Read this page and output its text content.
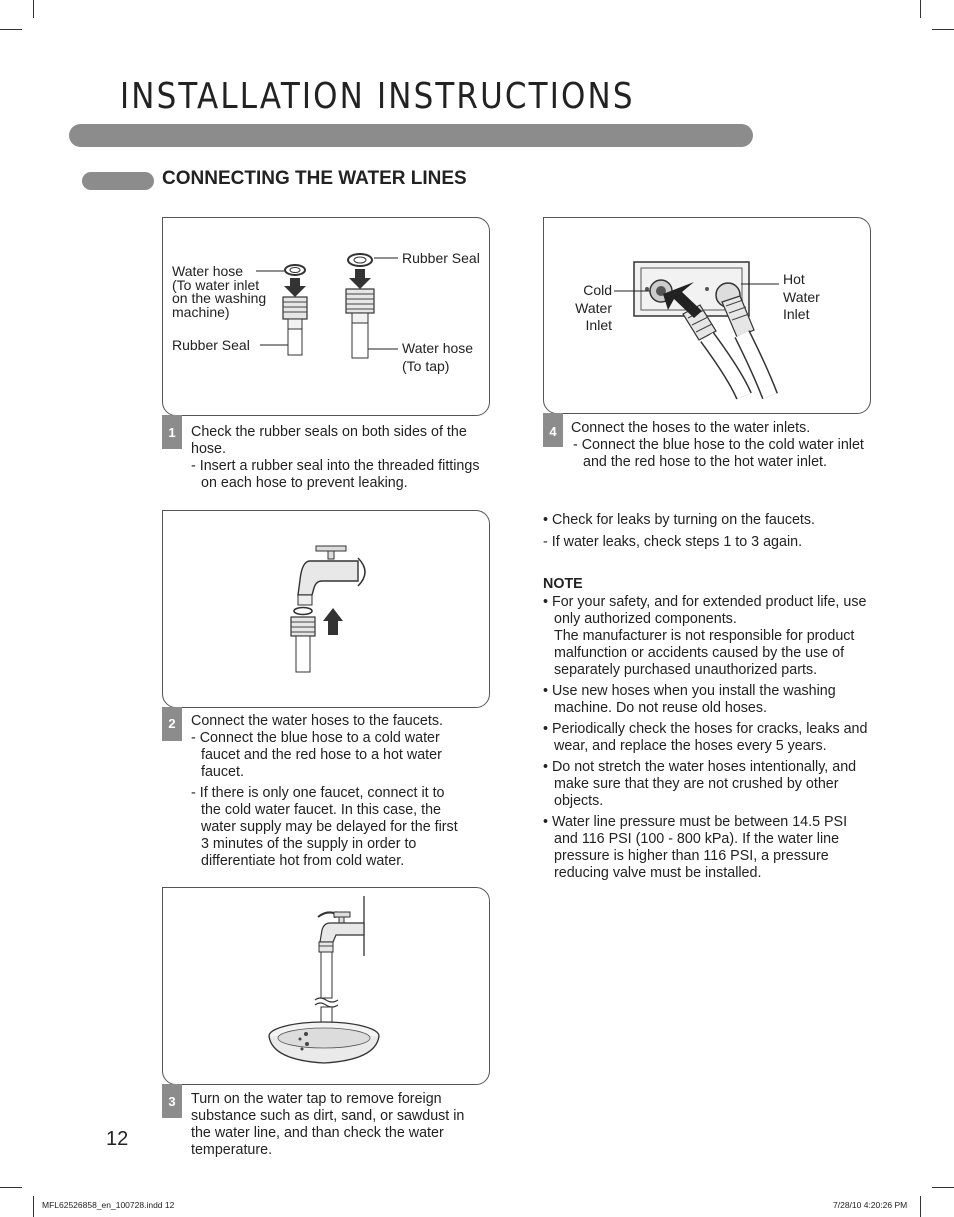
INSTALLATION INSTRUCTIONS
CONNECTING THE WATER LINES
1
Water hose
(To water inlet
on the washing
machine)
Rubber Seal
Rubber Seal
Water hose
(To tap)

Check the rubber seals on both sides of the hose.

- Insert a rubber seal into the threaded fittings on each hose to prevent leaking.

2	Connect the water hoses to the faucets.

- Connect the blue hose to a cold water faucet and the red hose to a hot water faucet.

- If there is only one faucet, connect it to the cold water faucet. In this case, the water supply may be delayed for the first 3 minutes of the supply in order to differentiate hot from cold water.

3	Turn on the water tap to remove foreign substance such as dirt, sand, or sawdust in the water line, and than check the water temperature.

4
Cold
Water
Inlet
Hot
Water
Inlet

Connect the hoses to the water inlets.

- Connect the blue hose to the cold water inlet and the red hose to the hot water inlet.

• Check for leaks by turning on the faucets.

- If water leaks, check steps 1 to 3 again.

NOTE

• For your safety, and for extended product life, use only authorized components.

The manufacturer is not responsible for product malfunction or accidents caused by the use of separately purchased unauthorized parts.

• Use new hoses when you install the washing machine. Do not reuse old hoses.

• Periodically check the hoses for cracks, leaks and wear, and replace the hoses every 5 years.

• Do not stretch the water hoses intentionally, and make sure that they are not crushed by other objects.

• Water line pressure must be between 14.5 PSI and 116 PSI (100 - 800 kPa). If the water line pressure is higher than 116 PSI, a pressure reducing valve must be installed.

12
MFL62526858_en_100728.indd 12	7/28/10 4:20:26 PM
